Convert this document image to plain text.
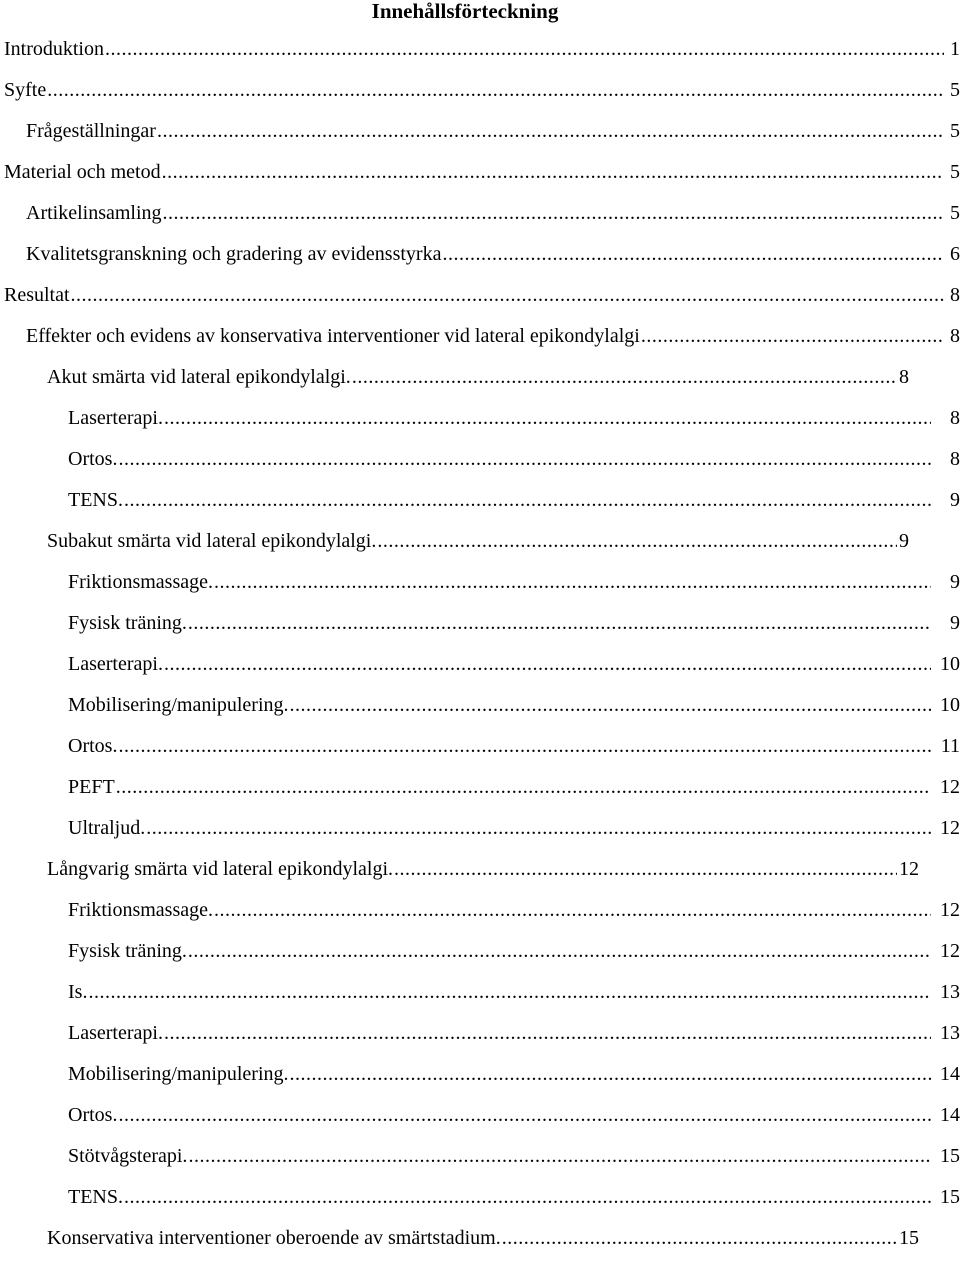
Innehållsförteckning
Introduktion .....	1
Syfte .....	5
Frågeställningar .....	5
Material och metod .....	5
Artikelinsamling .....	5
Kvalitetsgranskning och gradering av evidensstyrka .....	6
Resultat .....	8
Effekter och evidens av konservativa interventioner vid lateral epikondylalgi .....	8
Akut smärta vid lateral epikondylalgi. .....	8
Laserterapi. .....	8
Ortos. .....	8
TENS. .....	9
Subakut smärta vid lateral epikondylalgi. .....	9
Friktionsmassage. .....	9
Fysisk träning. .....	9
Laserterapi. .....	10
Mobilisering/manipulering. .....	10
Ortos. .....	11
PEFT .....	12
Ultraljud. .....	12
Långvarig smärta vid lateral epikondylalgi. .....	12
Friktionsmassage. .....	12
Fysisk träning. .....	12
Is. .....	13
Laserterapi. .....	13
Mobilisering/manipulering. .....	14
Ortos. .....	14
Stötvågsterapi. .....	15
TENS. .....	15
Konservativa interventioner oberoende av smärtstadium. .....	15
